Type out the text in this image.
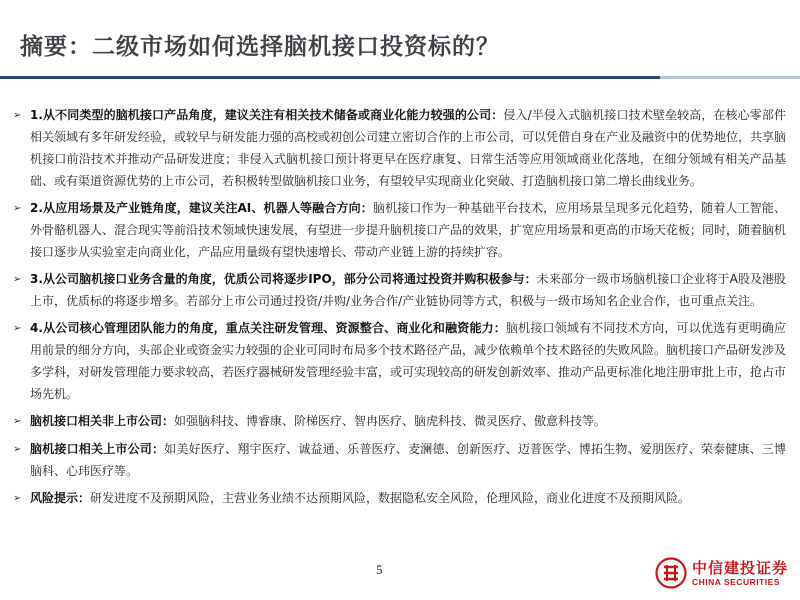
摘要：二级市场如何选择脑机接口投资标的？
➢ 1.从不同类型的脑机接口产品角度，建议关注有相关技术储备或商业化能力较强的公司：侵入/半侵入式脑机接口技术壁垒较高，在核心零部件相关领域有多年研发经验，或较早与研发能力强的高校或初创公司建立密切合作的上市公司，可以凭借自身在产业及融资中的优势地位，共享脑机接口前沿技术并推动产品研发进度；非侵入式脑机接口预计将更早在医疗康复、日常生活等应用领域商业化落地，在细分领域有相关产品基础、或有渠道资源优势的上市公司，若积极转型做脑机接口业务，有望较早实现商业化突破、打造脑机接口第二增长曲线业务。
➢ 2.从应用场景及产业链角度，建议关注AI、机器人等融合方向：脑机接口作为一种基础平台技术，应用场景呈现多元化趋势，随着人工智能、外骨骼机器人、混合现实等前沿技术领域快速发展，有望进一步提升脑机接口产品的效果，扩宽应用场景和更高的市场天花板；同时，随着脑机接口逐步从实验室走向商业化，产品应用量级有望快速增长、带动产业链上游的持续扩容。
➢ 3.从公司脑机接口业务含量的角度，优质公司将逐步IPO，部分公司将通过投资并购积极参与：未来部分一级市场脑机接口企业将于A股及港股上市，优质标的将逐步增多。若部分上市公司通过投资/并购/业务合作/产业链协同等方式，积极与一级市场知名企业合作，也可重点关注。
➢ 4.从公司核心管理团队能力的角度，重点关注研发管理、资源整合、商业化和融资能力：脑机接口领域有不同技术方向，可以优选有更明确应用前景的细分方向，头部企业或资金实力较强的企业可同时布局多个技术路径产品，减少依赖单个技术路径的失败风险。脑机接口产品研发涉及多学科，对研发管理能力要求较高，若医疗器械研发管理经验丰富，或可实现较高的研发创新效率、推动产品更标准化地注册审批上市，抢占市场先机。
➢ 脑机接口相关非上市公司：如强脑科技、博睿康、阶梯医疗、智冉医疗、脑虎科技、微灵医疗、傲意科技等。
➢ 脑机接口相关上市公司：如美好医疗、翔宇医疗、诚益通、乐普医疗、麦澜德、创新医疗、迈普医学、博拓生物、爱朋医疗、荣泰健康、三博脑科、心玮医疗等。
➢ 风险提示：研发进度不及预期风险，主营业务业绩不达预期风险，数据隐私安全风险，伦理风险，商业化进度不及预期风险。
5	中信建投证券
CHINA SECURITIES
